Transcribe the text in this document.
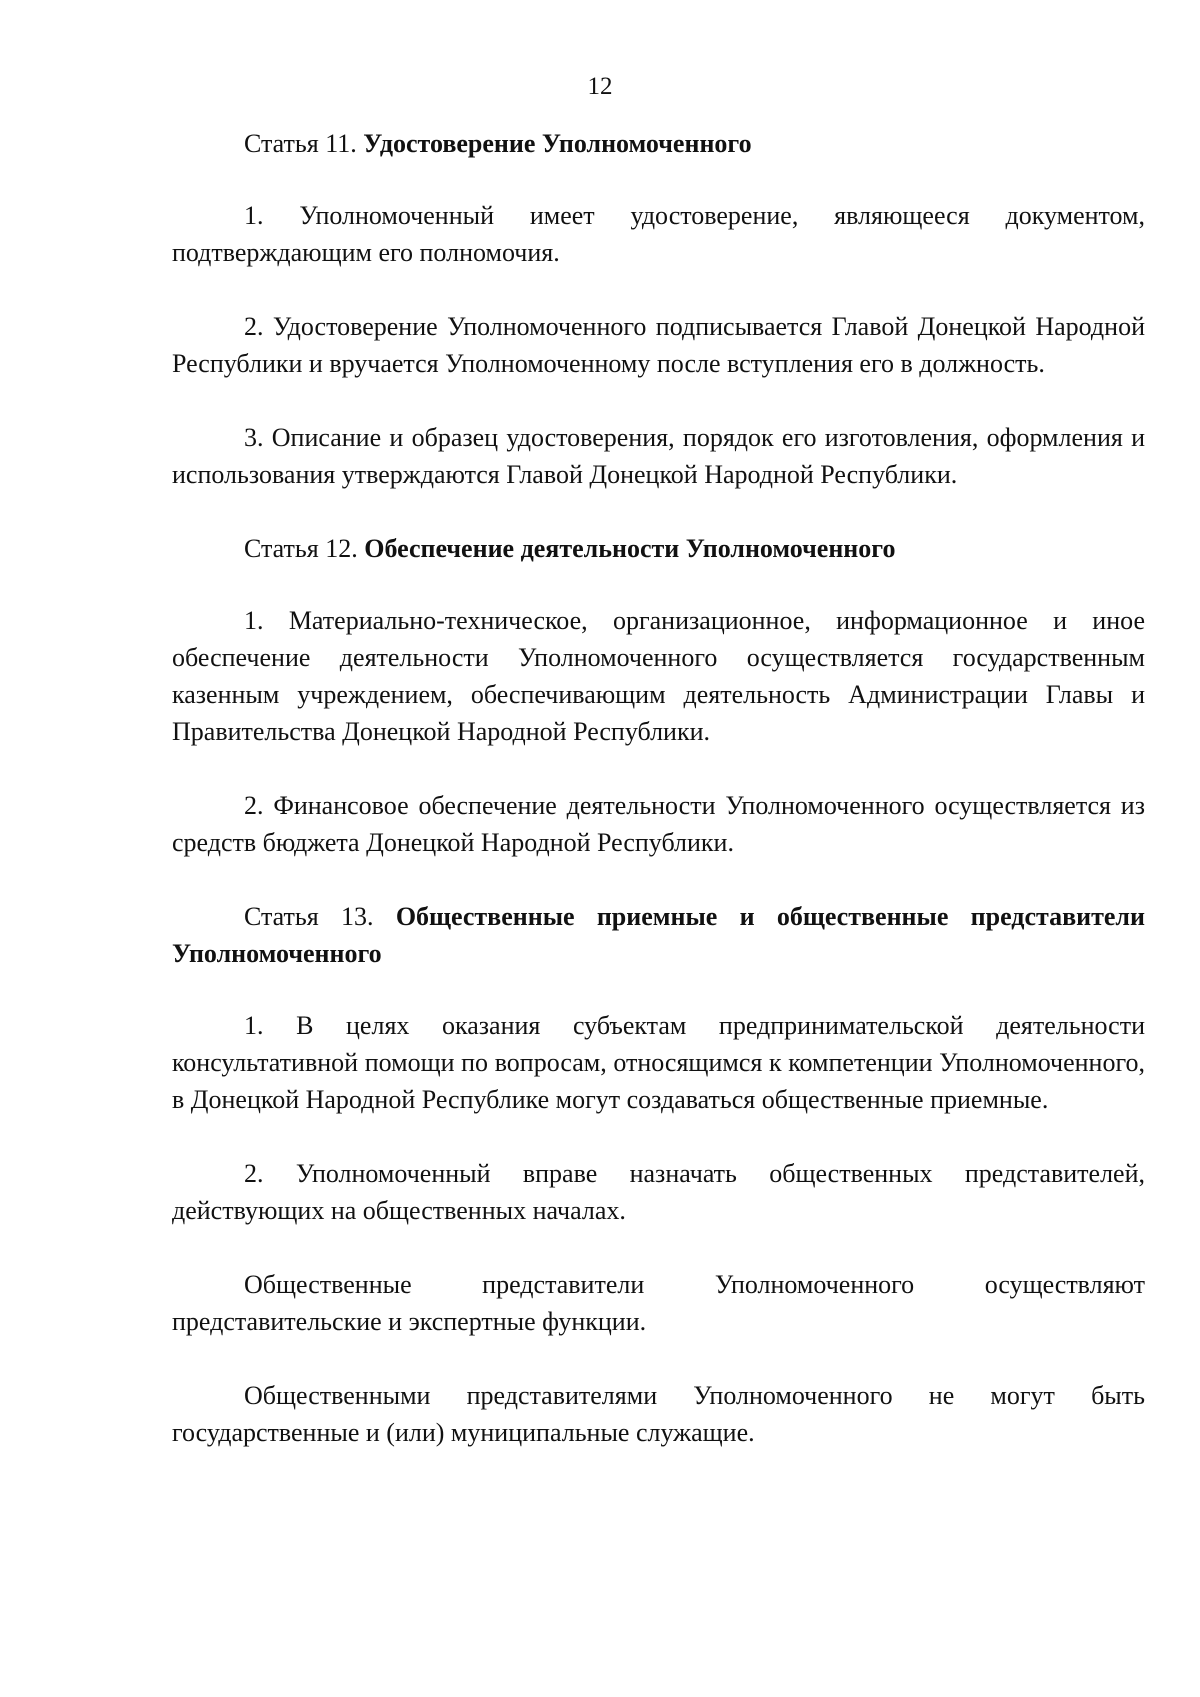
12

Статья 11. Удостоверение Уполномоченного

1. Уполномоченный имеет удостоверение, являющееся документом, подтверждающим его полномочия.

2. Удостоверение Уполномоченного подписывается Главой Донецкой Народной Республики и вручается Уполномоченному после вступления его в должность.

3. Описание и образец удостоверения, порядок его изготовления, оформления и использования утверждаются Главой Донецкой Народной Республики.

Статья 12. Обеспечение деятельности Уполномоченного

1. Материально-техническое, организационное, информационное и иное обеспечение деятельности Уполномоченного осуществляется государственным казенным учреждением, обеспечивающим деятельность Администрации Главы и Правительства Донецкой Народной Республики.

2. Финансовое обеспечение деятельности Уполномоченного осуществляется из средств бюджета Донецкой Народной Республики.

Статья 13. Общественные приемные и общественные представители Уполномоченного

1. В целях оказания субъектам предпринимательской деятельности консультативной помощи по вопросам, относящимся к компетенции Уполномоченного, в Донецкой Народной Республике могут создаваться общественные приемные.

2. Уполномоченный вправе назначать общественных представителей, действующих на общественных началах.

Общественные представители Уполномоченного осуществляют представительские и экспертные функции.

Общественными представителями Уполномоченного не могут быть государственные и (или) муниципальные служащие.
